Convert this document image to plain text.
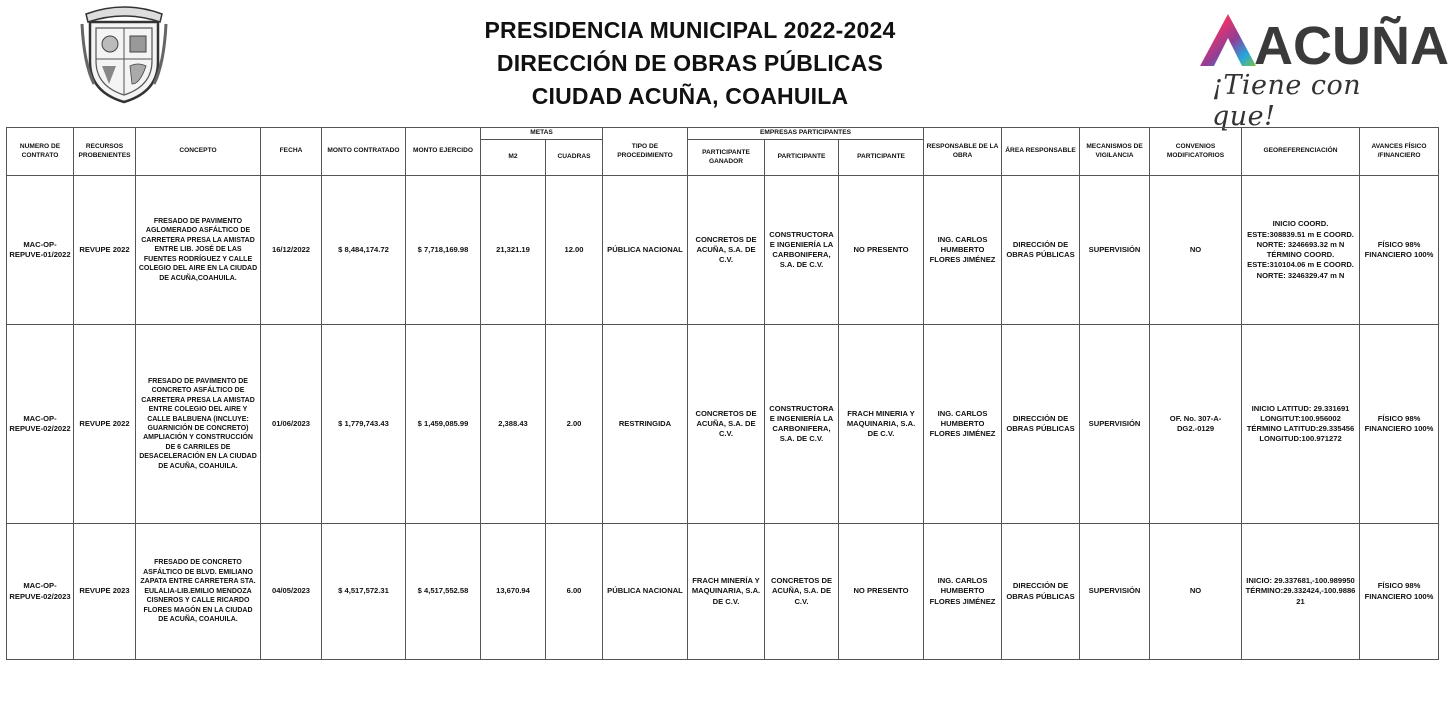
PRESIDENCIA MUNICIPAL 2022-2024
DIRECCIÓN DE OBRAS PÚBLICAS
CIUDAD ACUÑA, COAHUILA
ACUÑA
¡Tiene con que!
NUMERO DE CONTRATO	RECURSOS PROBENIENTES	CONCEPTO	FECHA	MONTO CONTRATADO	MONTO EJERCIDO	METAS		TIPO DE PROCEDIMIENTO	EMPRESAS PARTICIPANTES			RESPONSABLE DE LA OBRA	ÁREA RESPONSABLE	MECANISMOS DE VIGILANCIA	CONVENIOS MODIFICATORIOS	GEOREFERENCIACIÓN	AVANCES FÍSICO /FINANCIERO
						M2	CUADRAS		PARTICIPANTE GANADOR	PARTICIPANTE	PARTICIPANTE						
MAC-OP-REPUVE-01/2022	REVUPE 2022	FRESADO DE PAVIMENTO AGLOMERADO ASFÁLTICO DE CARRETERA PRESA LA AMISTAD ENTRE LIB. JOSÉ DE LAS FUENTES RODRÍGUEZ Y CALLE COLEGIO DEL AIRE EN LA CIUDAD DE ACUÑA,COAHUILA.	16/12/2022	$ 8,484,174.72	$ 7,718,169.98	21,321.19	12.00	PÚBLICA NACIONAL	CONCRETOS DE ACUÑA, S.A. DE C.V.	CONSTRUCTORA E INGENIERÍA LA CARBONIFERA, S.A. DE C.V.	NO PRESENTO	ING. CARLOS HUMBERTO FLORES JIMÉNEZ	DIRECCIÓN DE OBRAS PÚBLICAS	SUPERVISIÓN	NO	INICIO COORD. ESTE:308839.51 m E COORD. NORTE: 3246693.32 m N TÉRMINO COORD. ESTE:310104.06 m E COORD. NORTE: 3246329.47 m N	FÍSICO 98% FINANCIERO 100%
MAC-OP-REPUVE-02/2022	REVUPE 2022	FRESADO DE PAVIMENTO DE CONCRETO ASFÁLTICO DE CARRETERA PRESA LA AMISTAD ENTRE COLEGIO DEL AIRE Y CALLE BALBUENA (INCLUYE: GUARNICIÓN DE CONCRETO) AMPLIACIÓN Y CONSTRUCCIÓN DE 6 CARRILES DE DESACELERACIÓN EN LA CIUDAD DE ACUÑA, COAHUILA.	01/06/2023	$ 1,779,743.43	$ 1,459,085.99	2,388.43	2.00	RESTRINGIDA	CONCRETOS DE ACUÑA, S.A. DE C.V.	CONSTRUCTORA E INGENIERÍA LA CARBONIFERA, S.A. DE C.V.	FRACH MINERIA Y MAQUINARIA, S.A. DE C.V.	ING. CARLOS HUMBERTO FLORES JIMÉNEZ	DIRECCIÓN DE OBRAS PÚBLICAS	SUPERVISIÓN	OF. No. 307-A-DG2.-0129	INICIO LATITUD: 29.331691 LONGITUT:100.956002 TÉRMINO LATITUD:29.335456 LONGITUD:100.971272	FÍSICO 98% FINANCIERO 100%
MAC-OP-REPUVE-02/2023	REVUPE 2023	FRESADO DE CONCRETO ASFÁLTICO DE BLVD. EMILIANO ZAPATA ENTRE CARRETERA STA. EULALIA-LIB.EMILIO MENDOZA CISNEROS Y CALLE RICARDO FLORES MAGÓN EN LA CIUDAD DE ACUÑA, COAHUILA.	04/05/2023	$ 4,517,572.31	$ 4,517,552.58	13,670.94	6.00	PÚBLICA NACIONAL	FRACH MINERÍA Y MAQUINARIA, S.A. DE C.V.	CONCRETOS DE ACUÑA, S.A. DE C.V.	NO PRESENTO	ING. CARLOS HUMBERTO FLORES JIMÉNEZ	DIRECCIÓN DE OBRAS PÚBLICAS	SUPERVISIÓN	NO	INICIO: 29.337681,-100.989950 TÉRMINO:29.332424,-100.988621	FÍSICO 98% FINANCIERO 100%
